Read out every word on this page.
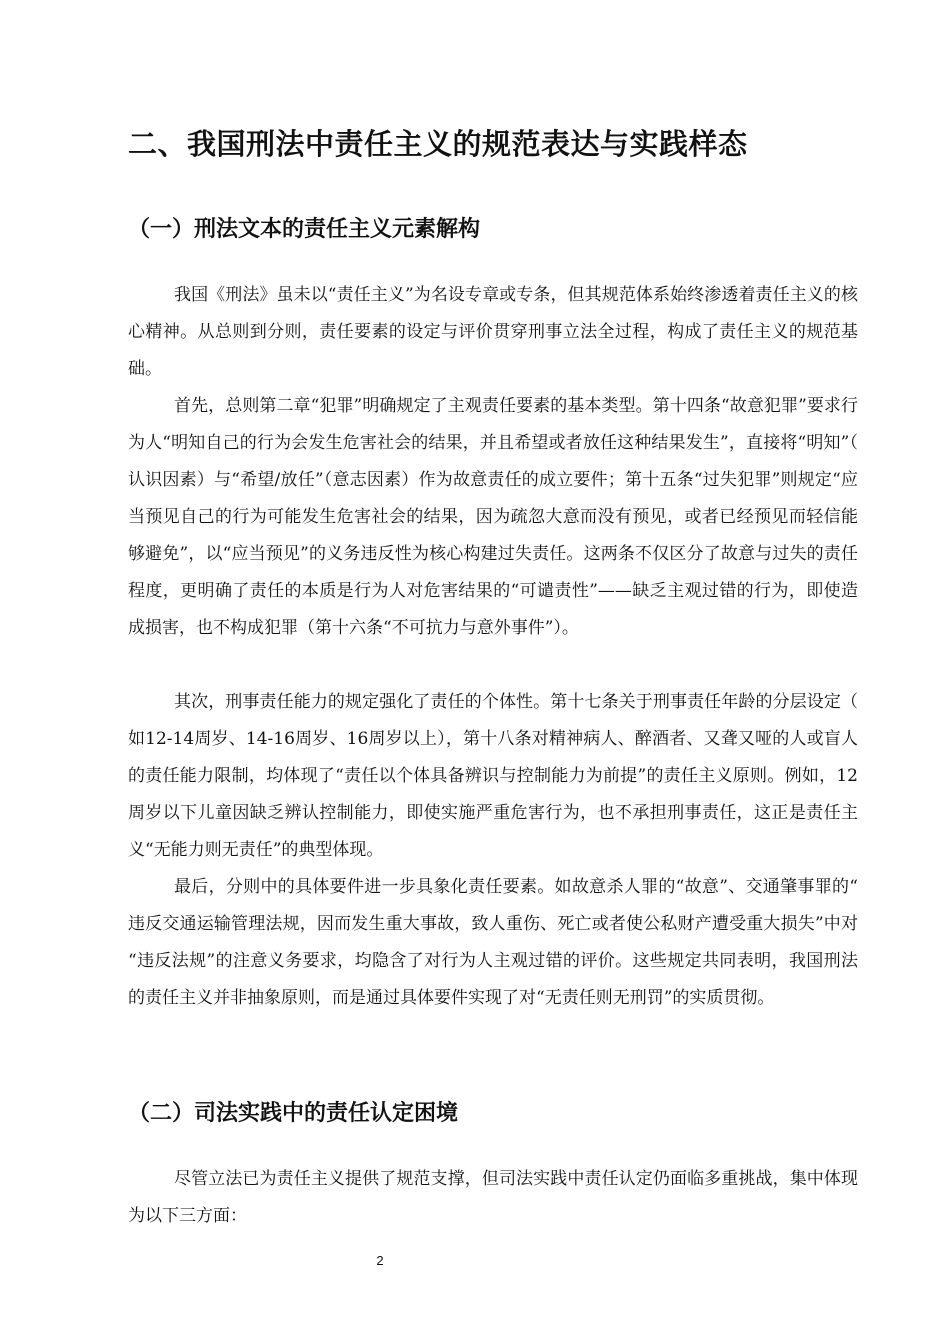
二、我国刑法中责任主义的规范表达与实践样态
（一）刑法文本的责任主义元素解构

我国《刑法》虽未以“责任主义”为名设专章或专条，但其规范体系始终渗透着责任主义的核心精神。从总则到分则，责任要素的设定与评价贯穿刑事立法全过程，构成了责任主义的规范基础。

首先，总则第二章“犯罪”明确规定了主观责任要素的基本类型。第十四条“故意犯罪”要求行为人“明知自己的行为会发生危害社会的结果，并且希望或者放任这种结果发生”，直接将“明知”（认识因素）与“希望/放任”（意志因素）作为故意责任的成立要件；第十五条“过失犯罪”则规定“应当预见自己的行为可能发生危害社会的结果，因为疏忽大意而没有预见，或者已经预见而轻信能够避免”，以“应当预见”的义务违反性为核心构建过失责任。这两条不仅区分了故意与过失的责任程度，更明确了责任的本质是行为人对危害结果的“可谴责性”——缺乏主观过错的行为，即使造成损害，也不构成犯罪（第十六条“不可抗力与意外事件”）。

其次，刑事责任能力的规定强化了责任的个体性。第十七条关于刑事责任年龄的分层设定（如12-14周岁、14-16周岁、16周岁以上），第十八条对精神病人、醉酒者、又聋又哑的人或盲人的责任能力限制，均体现了“责任以个体具备辨识与控制能力为前提”的责任主义原则。例如，12周岁以下儿童因缺乏辨认控制能力，即使实施严重危害行为，也不承担刑事责任，这正是责任主义“无能力则无责任”的典型体现。

最后，分则中的具体要件进一步具象化责任要素。如故意杀人罪的“故意”、交通肇事罪的“违反交通运输管理法规，因而发生重大事故，致人重伤、死亡或者使公私财产遭受重大损失”中对“违反法规”的注意义务要求，均隐含了对行为人主观过错的评价。这些规定共同表明，我国刑法的责任主义并非抽象原则，而是通过具体要件实现了对“无责任则无刑罚”的实质贯彻。

（二）司法实践中的责任认定困境

尽管立法已为责任主义提供了规范支撑，但司法实践中责任认定仍面临多重挑战，集中体现为以下三方面：

2
